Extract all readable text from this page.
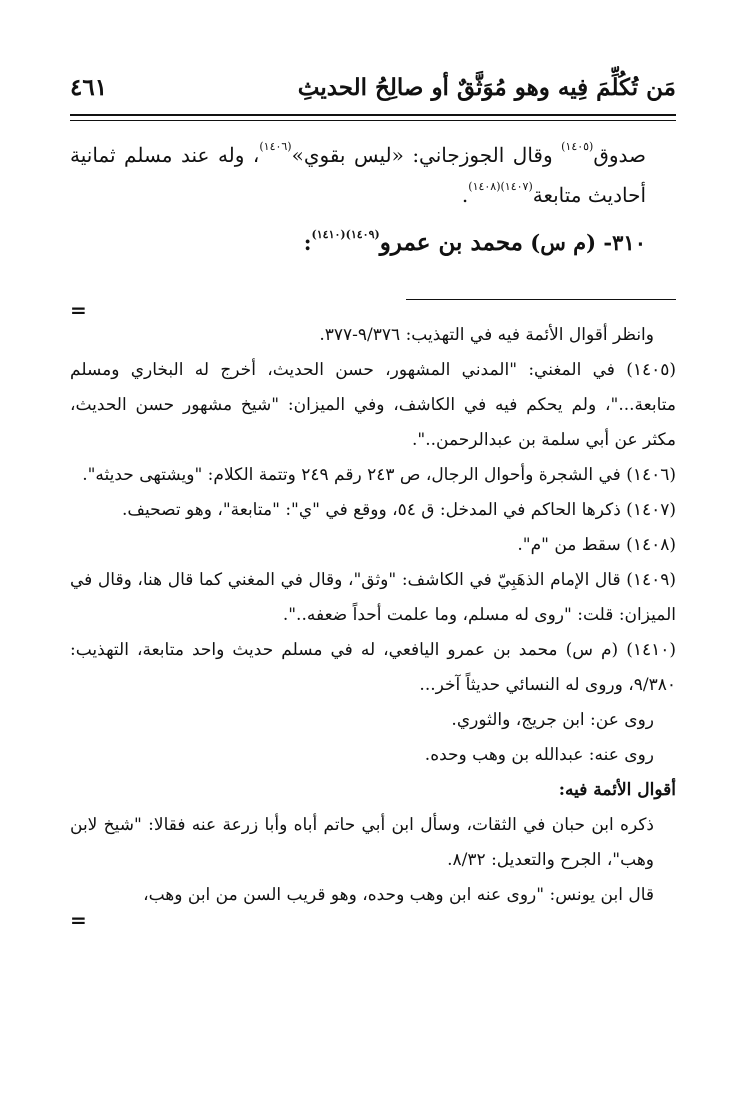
مَن تُكُلِّمَ فِيه وهو مُوَثَّقٌ أو صالِحُ الحديثِ
٤٦١

صدوق$^{(١٤٠٥)}$ وقال الجوزجاني: «ليس بقوي»$^{(١٤٠٦)}$، وله عند مسلم ثمانية أحاديث متابعة$^{(١٤٠٧)(١٤٠٨)}$.

٣١٠- (م س) محمد بن عمرو$^{(١٤٠٩)(١٤١٠)}$:

=

وانظر أقوال الأئمة فيه في التهذيب: ٩/٣٧٦-٣٧٧.

(١٤٠٥) في المغني: "المدني المشهور، حسن الحديث، أخرج له البخاري ومسلم متابعة..."، ولم يحكم فيه في الكاشف، وفي الميزان: "شيخ مشهور حسن الحديث، مكثر عن أبي سلمة بن عبدالرحمن..".

(١٤٠٦) في الشجرة وأحوال الرجال، ص ٢٤٣ رقم ٢٤٩ وتتمة الكلام: "ويشتهى حديثه".

(١٤٠٧) ذكرها الحاكم في المدخل: ق ٥٤، ووقع في "ي": "متابعة"، وهو تصحيف.

(١٤٠٨) سقط من "م".

(١٤٠٩) قال الإمام الذهَبِيّ في الكاشف: "وثق"، وقال في المغني كما قال هنا، وقال في الميزان: قلت: "روى له مسلم، وما علمت أحداً ضعفه..".

(١٤١٠) (م س) محمد بن عمرو اليافعي، له في مسلم حديث واحد متابعة، التهذيب: ٩/٣٨٠، وروى له النسائي حديثاً آخر...

روى عن: ابن جريج، والثوري.

روى عنه: عبدالله بن وهب وحده.

أقوال الأئمة فيه:

ذكره ابن حبان في الثقات، وسأل ابن أبي حاتم أباه وأبا زرعة عنه فقالا: "شيخ لابن وهب"، الجرح والتعديل: ٨/٣٢.

قال ابن يونس: "روى عنه ابن وهب وحده، وهو قريب السن من ابن وهب،

=
